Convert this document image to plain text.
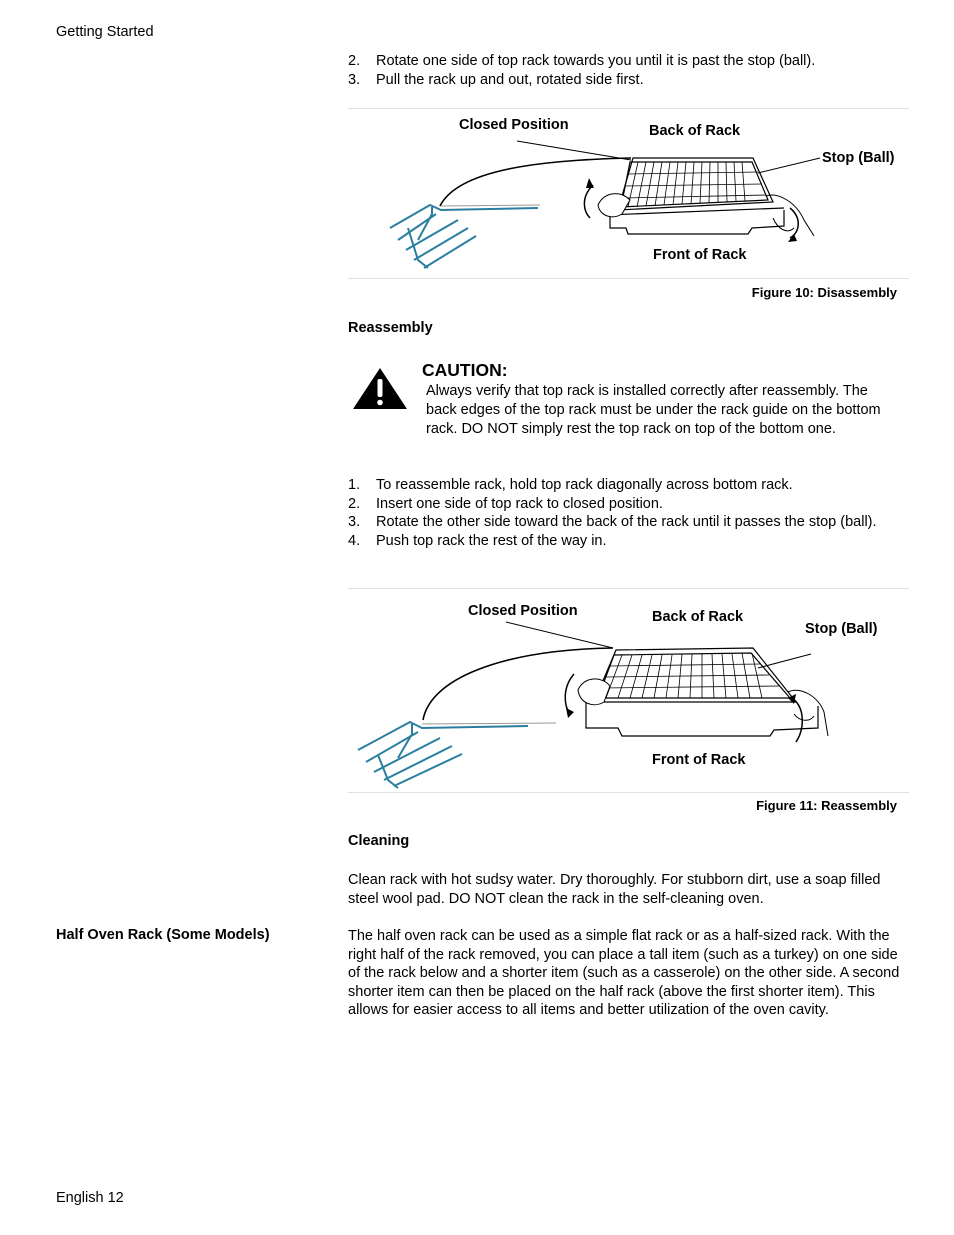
Getting Started
2. Rotate one side of top rack towards you until it is past the stop (ball).
3. Pull the rack up and out, rotated side first.
Closed Position	Back of Rack
Stop (Ball)
Front of Rack
Figure 10: Disassembly
Reassembly
CAUTION:
Always verify that top rack is installed correctly after reassembly. The back edges of the top rack must be under the rack guide on the bottom rack. DO NOT simply rest the top rack on top of the bottom one.
1. To reassemble rack, hold top rack diagonally across bottom rack.
2. Insert one side of top rack to closed position.
3. Rotate the other side toward the back of the rack until it passes the stop (ball).
4. Push top rack the rest of the way in.
Closed Position	Back of Rack
Stop (Ball)
Front of Rack
Figure 11: Reassembly
Cleaning
Clean rack with hot sudsy water. Dry thoroughly. For stubborn dirt, use a soap filled steel wool pad. DO NOT clean the rack in the self-cleaning oven.
Half Oven Rack (Some Models)	The half oven rack can be used as a simple flat rack or as a half-sized rack. With the right half of the rack removed, you can place a tall item (such as a turkey) on one side of the rack below and a shorter item (such as a casserole) on the other side. A second shorter item can then be placed on the half rack (above the first shorter item). This allows for easier access to all items and better utilization of the oven cavity.
English 12
